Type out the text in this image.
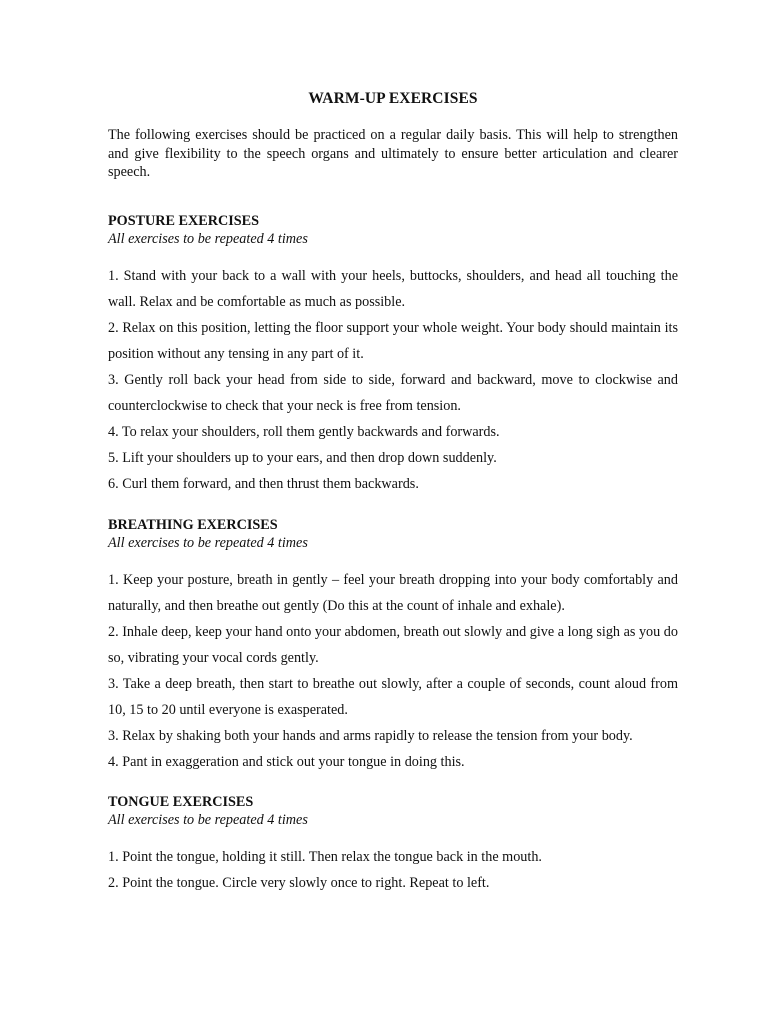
WARM-UP EXERCISES
The following exercises should be practiced on a regular daily basis. This will help to strengthen and give flexibility to the speech organs and ultimately to ensure better articulation and clearer speech.

POSTURE EXERCISES

All exercises to be repeated 4 times

1. Stand with your back to a wall with your heels, buttocks, shoulders, and head all touching the wall. Relax and be comfortable as much as possible.
2. Relax on this position, letting the floor support your whole weight. Your body should maintain its position without any tensing in any part of it.
3. Gently roll back your head from side to side, forward and backward, move to clockwise and counterclockwise to check that your neck is free from tension.
4. To relax your shoulders, roll them gently backwards and forwards.
5. Lift your shoulders up to your ears, and then drop down suddenly.
6. Curl them forward, and then thrust them backwards.

BREATHING EXERCISES

All exercises to be repeated 4 times

1. Keep your posture, breath in gently – feel your breath dropping into your body comfortably and naturally, and then breathe out gently (Do this at the count of inhale and exhale).
2. Inhale deep, keep your hand onto your abdomen, breath out slowly and give a long sigh as you do so, vibrating your vocal cords gently.
3. Take a deep breath, then start to breathe out slowly, after a couple of seconds, count aloud from 10, 15 to 20 until everyone is exasperated.
3. Relax by shaking both your hands and arms rapidly to release the tension from your body.
4. Pant in exaggeration and stick out your tongue in doing this.

TONGUE EXERCISES

All exercises to be repeated 4 times

1. Point the tongue, holding it still. Then relax the tongue back in the mouth.
2. Point the tongue. Circle very slowly once to right. Repeat to left.
